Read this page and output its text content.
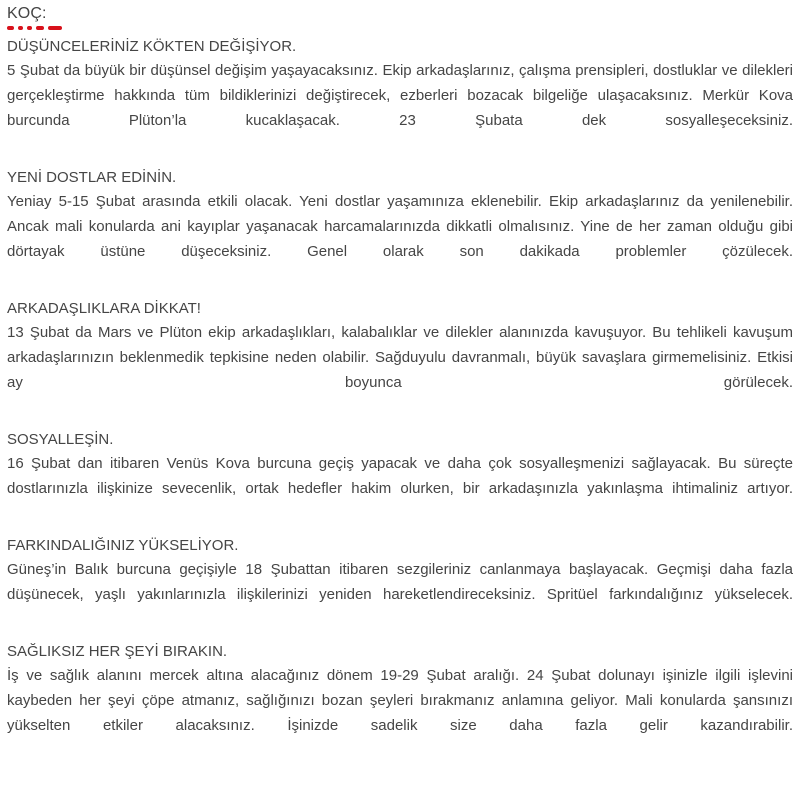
KOÇ:
DÜŞÜNCELERİNİZ KÖKTEN DEĞİŞİYOR.
5 Şubat da büyük bir düşünsel değişim yaşayacaksınız. Ekip arkadaşlarınız, çalışma prensipleri, dostluklar ve dilekleri gerçekleştirme hakkında tüm bildiklerinizi değiştirecek, ezberleri bozacak bilgeliğe ulaşacaksınız. Merkür Kova burcunda Plüton’la kucaklaşacak. 23 Şubata dek sosyalleşeceksiniz.
YENİ DOSTLAR EDİNİN.
Yeniay 5-15 Şubat arasında etkili olacak. Yeni dostlar yaşamınıza eklenebilir. Ekip arkadaşlarınız da yenilenebilir. Ancak mali konularda ani kayıplar yaşanacak harcamalarınızda dikkatli olmalısınız. Yine de her zaman olduğu gibi dörtayak üstüne düşeceksiniz. Genel olarak son dakikada problemler çözülecek.
ARKADAŞLIKLARA DİKKAT!
13 Şubat da Mars ve Plüton ekip arkadaşlıkları, kalabalıklar ve dilekler alanınızda kavuşuyor. Bu tehlikeli kavuşum arkadaşlarınızın beklenmedik tepkisine neden olabilir. Sağduyulu davranmalı, büyük savaşlara girmemelisiniz. Etkisi ay boyunca görülecek.
SOSYALLEŞİN.
16 Şubat dan itibaren Venüs Kova burcuna geçiş yapacak ve daha çok sosyalleşmenizi sağlayacak. Bu süreçte dostlarınızla ilişkinize sevecenlik, ortak hedefler hakim olurken, bir arkadaşınızla yakınlaşma ihtimaliniz artıyor.
FARKINDALIĞINIZ YÜKSELİYOR.
Güneş’in Balık burcuna geçişiyle 18 Şubattan itibaren sezgileriniz canlanmaya başlayacak. Geçmişi daha fazla düşünecek, yaşlı yakınlarınızla ilişkilerinizi yeniden hareketlendireceksiniz. Spritüel farkındalığınız yükselecek.
SAĞLIKSIZ HER ŞEYİ BIRAKIN.
İş ve sağlık alanını mercek altına alacağınız dönem 19-29 Şubat aralığı. 24 Şubat dolunayı işinizle ilgili işlevini kaybeden her şeyi çöpe atmanız, sağlığınızı bozan şeyleri bırakmanız anlamına geliyor. Mali konularda şansınızı yükselten etkiler alacaksınız. İşinizde sadelik size daha fazla gelir kazandırabilir.
